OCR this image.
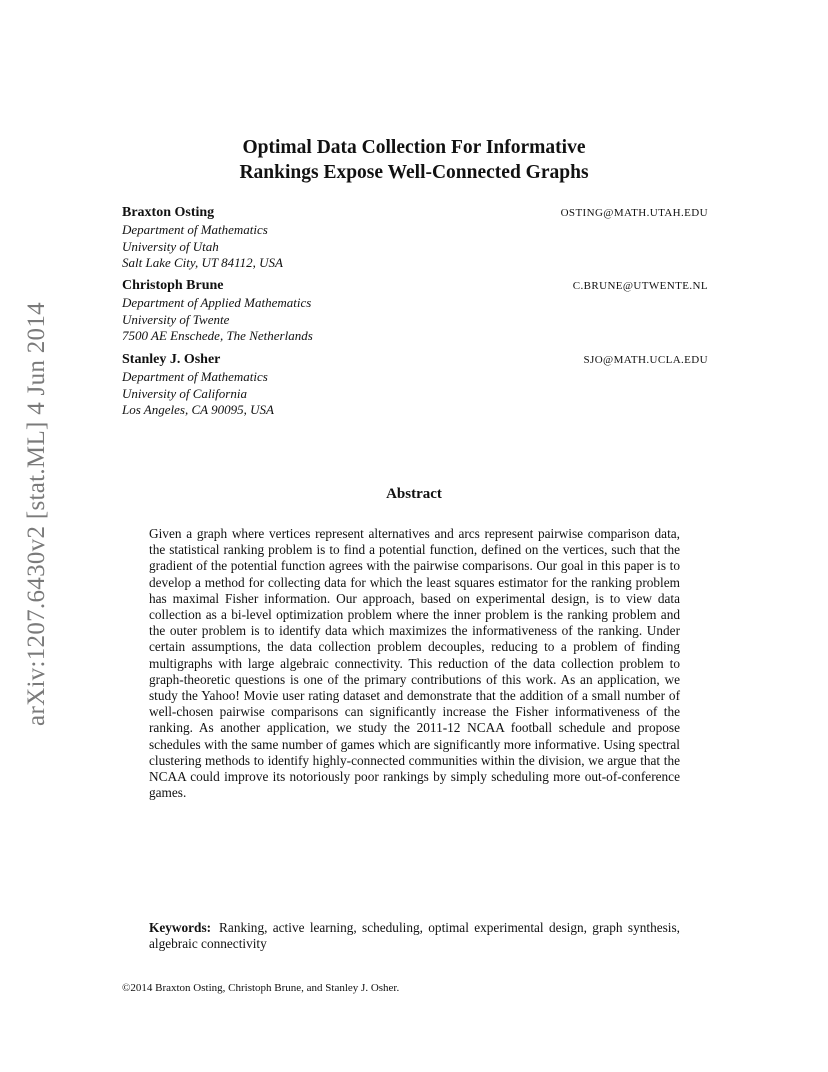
arXiv:1207.6430v2 [stat.ML] 4 Jun 2014
Optimal Data Collection For Informative
Rankings Expose Well-Connected Graphs
Braxton Osting	OSTING@MATH.UTAH.EDU
Department of Mathematics
University of Utah
Salt Lake City, UT 84112, USA
Christoph Brune	C.BRUNE@UTWENTE.NL
Department of Applied Mathematics
University of Twente
7500 AE Enschede, The Netherlands
Stanley J. Osher	SJO@MATH.UCLA.EDU
Department of Mathematics
University of California
Los Angeles, CA 90095, USA
Abstract
Given a graph where vertices represent alternatives and arcs represent pairwise comparison data, the statistical ranking problem is to find a potential function, defined on the vertices, such that the gradient of the potential function agrees with the pairwise comparisons. Our goal in this paper is to develop a method for collecting data for which the least squares estimator for the ranking problem has maximal Fisher information. Our approach, based on experimental design, is to view data collection as a bi-level optimization problem where the inner problem is the ranking problem and the outer problem is to identify data which maximizes the informativeness of the ranking. Under certain assumptions, the data collection problem decouples, reducing to a problem of finding multigraphs with large algebraic connectivity. This reduction of the data collection problem to graph-theoretic questions is one of the primary contributions of this work. As an application, we study the Yahoo! Movie user rating dataset and demonstrate that the addition of a small number of well-chosen pairwise comparisons can significantly increase the Fisher informativeness of the ranking. As another application, we study the 2011-12 NCAA football schedule and propose schedules with the same number of games which are significantly more informative. Using spectral clustering methods to identify highly-connected communities within the division, we argue that the NCAA could improve its notoriously poor rankings by simply scheduling more out-of-conference games.
Keywords: Ranking, active learning, scheduling, optimal experimental design, graph synthesis, algebraic connectivity
©2014 Braxton Osting, Christoph Brune, and Stanley J. Osher.
